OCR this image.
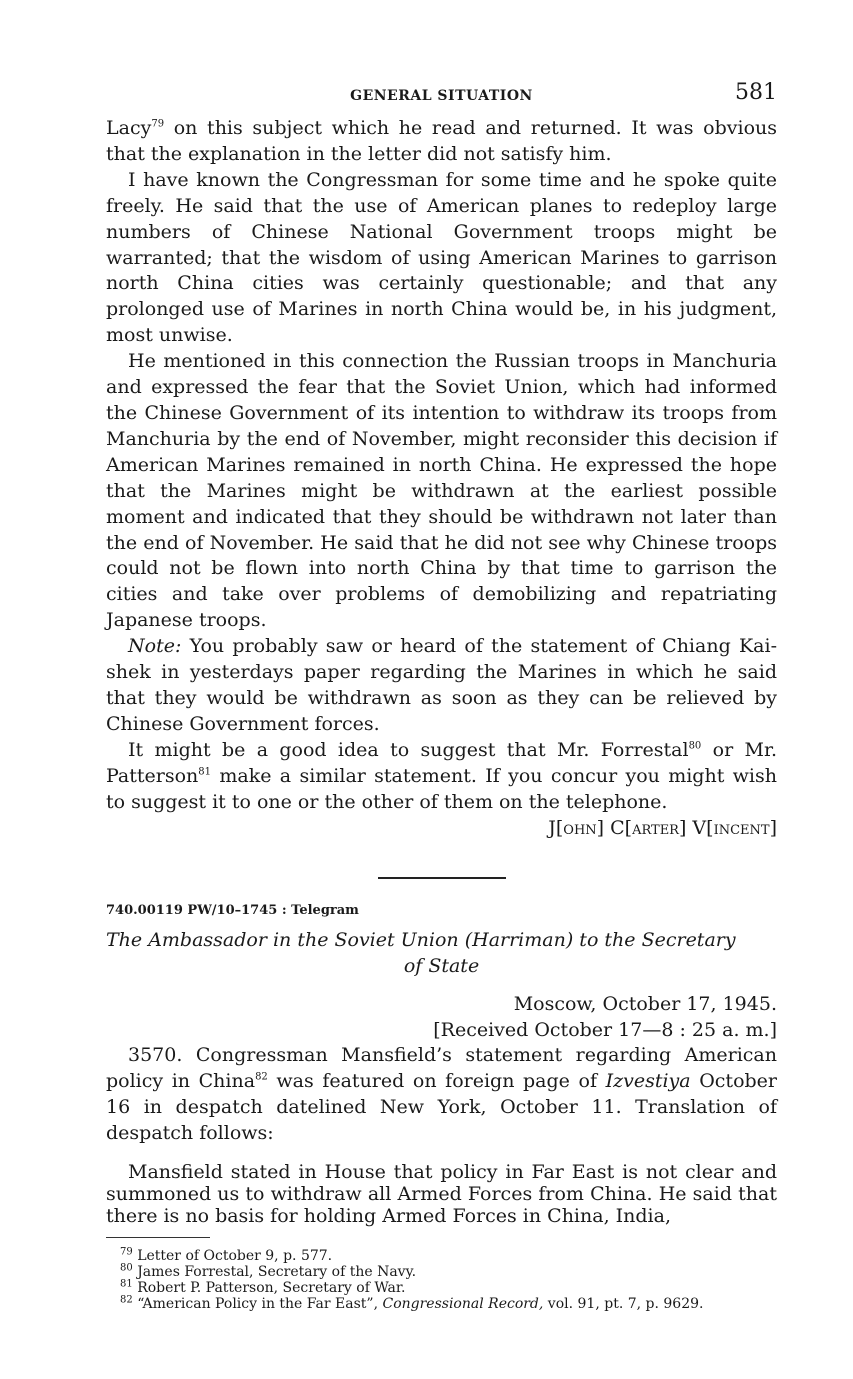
GENERAL SITUATION	581

Lacy$^{79}$ on this subject which he read and returned. It was obvious that the explanation in the letter did not satisfy him.

I have known the Congressman for some time and he spoke quite freely. He said that the use of American planes to redeploy large numbers of Chinese National Government troops might be warranted; that the wisdom of using American Marines to garrison north China cities was certainly questionable; and that any prolonged use of Marines in north China would be, in his judgment, most unwise.

He mentioned in this connection the Russian troops in Manchuria and expressed the fear that the Soviet Union, which had informed the Chinese Government of its intention to withdraw its troops from Manchuria by the end of November, might reconsider this decision if American Marines remained in north China. He expressed the hope that the Marines might be withdrawn at the earliest possible moment and indicated that they should be withdrawn not later than the end of November. He said that he did not see why Chinese troops could not be flown into north China by that time to garrison the cities and take over problems of demobilizing and repatriating Japanese troops.

Note: You probably saw or heard of the statement of Chiang Kai-shek in yesterdays paper regarding the Marines in which he said that they would be withdrawn as soon as they can be relieved by Chinese Government forces.

It might be a good idea to suggest that Mr. Forrestal$^{80}$ or Mr. Patterson$^{81}$ make a similar statement. If you concur you might wish to suggest it to one or the other of them on the telephone.

J[ohn] C[arter] V[incent]
740.00119 PW/10–1745 : Telegram
The Ambassador in the Soviet Union (Harriman) to the Secretary
of State
Moscow, October 17, 1945.
[Received October 17—8 : 25 a. m.]

3570. Congressman Mansfield’s statement regarding American policy in China$^{82}$ was featured on foreign page of Izvestiya October 16 in despatch datelined New York, October 11. Translation of despatch follows:

Mansfield stated in House that policy in Far East is not clear and summoned us to withdraw all Armed Forces from China. He said that there is no basis for holding Armed Forces in China, India,

$^{79}$ Letter of October 9, p. 577.

$^{80}$ James Forrestal, Secretary of the Navy.

$^{81}$ Robert P. Patterson, Secretary of War.

$^{82}$ “American Policy in the Far East”, Congressional Record, vol. 91, pt. 7, p. 9629.
